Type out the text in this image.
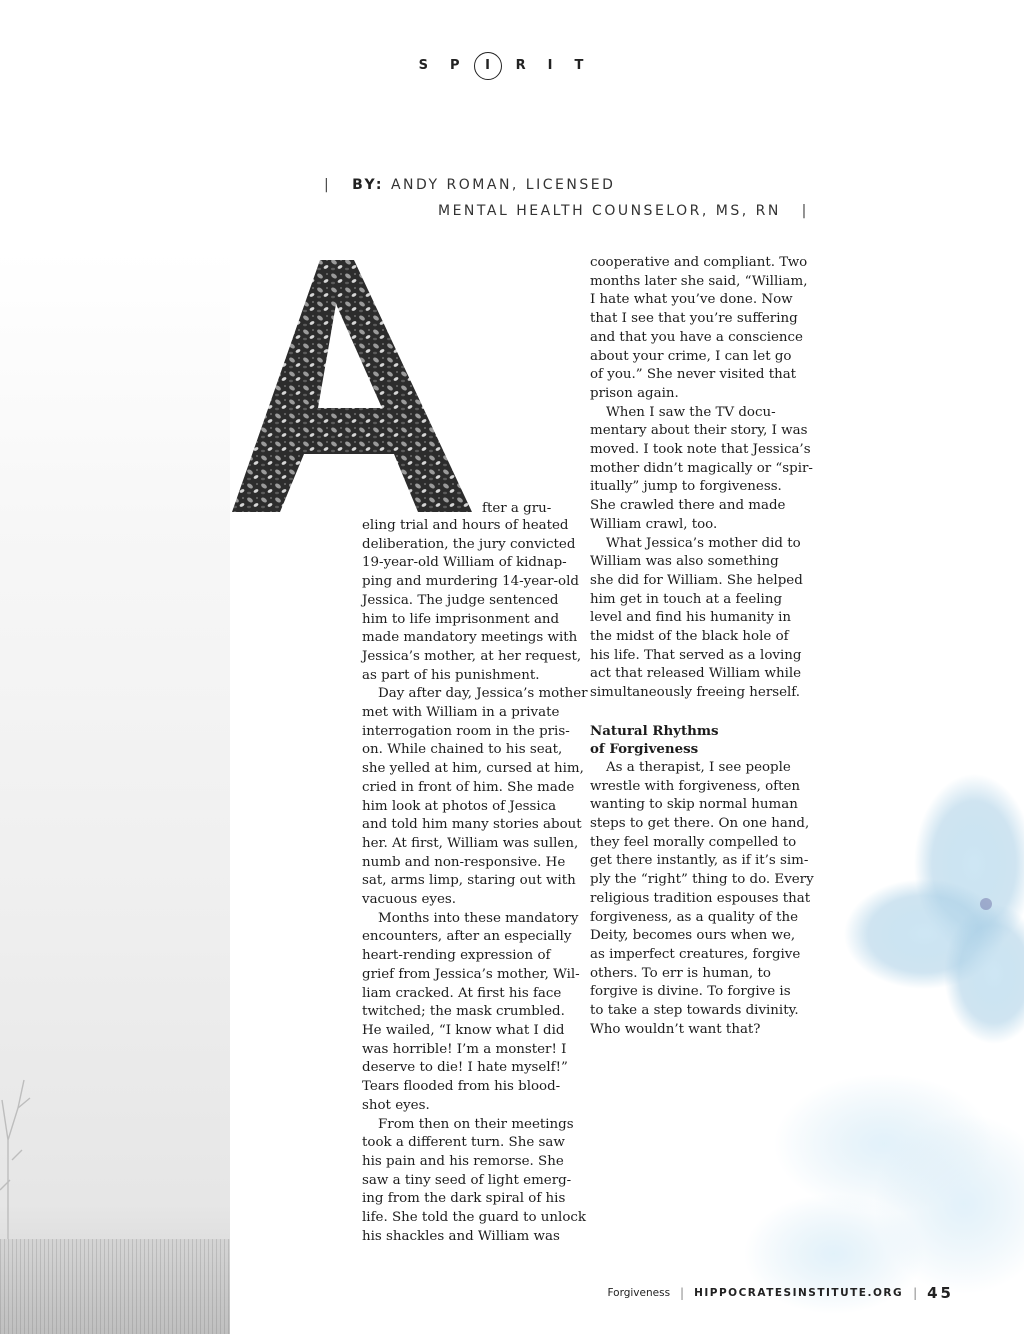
SP I RIT
| BY: ANDY ROMAN, LICENSED
MENTAL HEALTH COUNSELOR, MS, RN |
fter a gru-

eling trial and hours of heated
deliberation, the jury convicted
19-year-old William of kidnap-
ping and murdering 14-year-old
Jessica. The judge sentenced
him to life imprisonment and
made mandatory meetings with
Jessica’s mother, at her request,
as part of his punishment.

Day after day, Jessica’s mother
met with William in a private
interrogation room in the pris-
on. While chained to his seat,
she yelled at him, cursed at him,
cried in front of him. She made
him look at photos of Jessica
and told him many stories about
her. At first, William was sullen,
numb and non-responsive. He
sat, arms limp, staring out with
vacuous eyes.

Months into these mandatory
encounters, after an especially
heart-rending expression of
grief from Jessica’s mother, Wil-
liam cracked. At first his face
twitched; the mask crumbled.
He wailed, “I know what I did
was horrible! I’m a monster! I
deserve to die! I hate myself!”
Tears flooded from his blood-
shot eyes.

From then on their meetings
took a different turn. She saw
his pain and his remorse. She
saw a tiny seed of light emerg-
ing from the dark spiral of his
life. She told the guard to unlock
his shackles and William was

cooperative and compliant. Two
months later she said, “William,
I hate what you’ve done. Now
that I see that you’re suffering
and that you have a conscience
about your crime, I can let go
of you.” She never visited that
prison again.

When I saw the TV docu-
mentary about their story, I was
moved. I took note that Jessica’s
mother didn’t magically or “spir-
itually” jump to forgiveness.
She crawled there and made
William crawl, too.

What Jessica’s mother did to
William was also something
she did for William. She helped
him get in touch at a feeling
level and find his humanity in
the midst of the black hole of
his life. That served as a loving
act that released William while
simultaneously freeing herself.

Natural Rhythms
of Forgiveness

As a therapist, I see people
wrestle with forgiveness, often
wanting to skip normal human
steps to get there. On one hand,
they feel morally compelled to
get there instantly, as if it’s sim-
ply the “right” thing to do. Every
religious tradition espouses that
forgiveness, as a quality of the
Deity, becomes ours when we,
as imperfect creatures, forgive
others. To err is human, to
forgive is divine. To forgive is
to take a step towards divinity.
Who wouldn’t want that?

Forgiveness | HIPPOCRATESINSTITUTE.ORG | 45
